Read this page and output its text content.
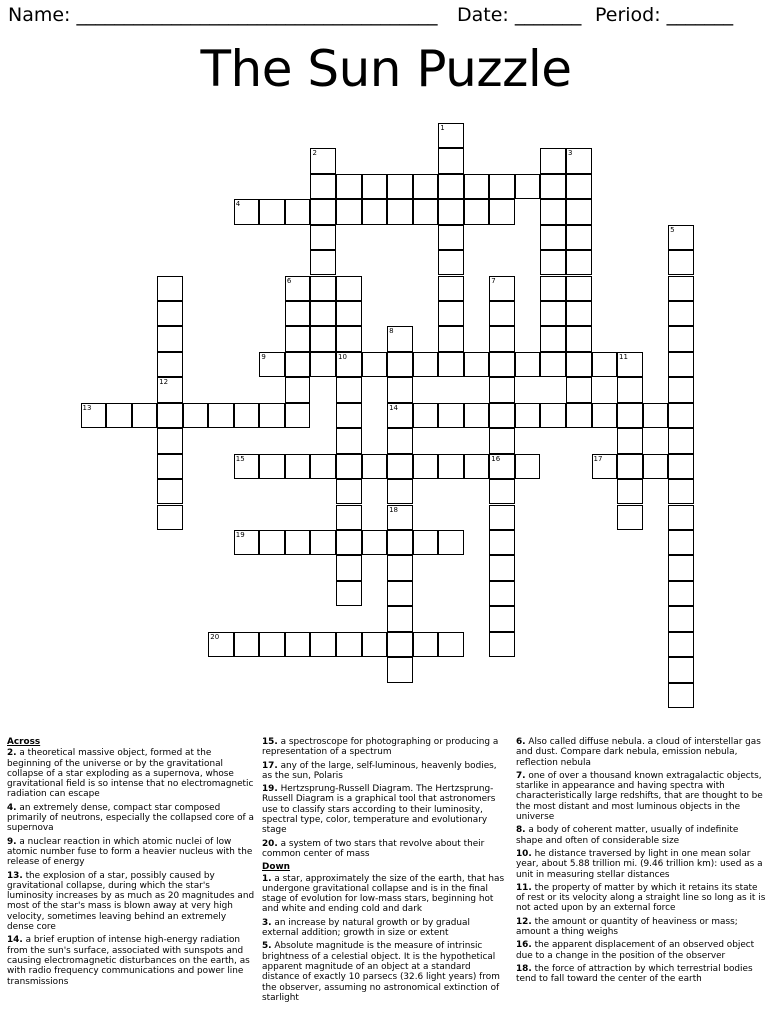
Name: ______________________________________ Date: _______ Period: _______
The Sun Puzzle
2
4
5
12
10
8
14
18
9	11
13
15	16	17
19
20
1
3
6	7
Across
2. a theoretical massive object, formed at the beginning of the universe or by the gravitational collapse of a star exploding as a supernova, whose gravitational field is so intense that no electromagnetic radiation can escape
4. an extremely dense, compact star composed primarily of neutrons, especially the collapsed core of a supernova
9. a nuclear reaction in which atomic nuclei of low atomic number fuse to form a heavier nucleus with the release of energy
13. the explosion of a star, possibly caused by gravitational collapse, during which the star's luminosity increases by as much as 20 magnitudes and most of the star's mass is blown away at very high velocity, sometimes leaving behind an extremely dense core
14. a brief eruption of intense high-energy radiation from the sun's surface, associated with sunspots and causing electromagnetic disturbances on the earth, as with radio frequency communications and power line transmissions
15. a spectroscope for photographing or producing a representation of a spectrum
17. any of the large, self-luminous, heavenly bodies, as the sun, Polaris
19. Hertzsprung-Russell Diagram. The Hertzsprung-Russell Diagram is a graphical tool that astronomers use to classify stars according to their luminosity, spectral type, color, temperature and evolutionary stage
20. a system of two stars that revolve about their common center of mass
Down
1. a star, approximately the size of the earth, that has undergone gravitational collapse and is in the final stage of evolution for low-mass stars, beginning hot and white and ending cold and dark
3. an increase by natural growth or by gradual external addition; growth in size or extent
5. Absolute magnitude is the measure of intrinsic brightness of a celestial object. It is the hypothetical apparent magnitude of an object at a standard distance of exactly 10 parsecs (32.6 light years) from the observer, assuming no astronomical extinction of starlight
6. Also called diffuse nebula. a cloud of interstellar gas and dust. Compare dark nebula, emission nebula, reflection nebula
7. one of over a thousand known extragalactic objects, starlike in appearance and having spectra with characteristically large redshifts, that are thought to be the most distant and most luminous objects in the universe
8. a body of coherent matter, usually of indefinite shape and often of considerable size
10. he distance traversed by light in one mean solar year, about 5.88 trillion mi. (9.46 trillion km): used as a unit in measuring stellar distances
11. the property of matter by which it retains its state of rest or its velocity along a straight line so long as it is not acted upon by an external force
12. the amount or quantity of heaviness or mass; amount a thing weighs
16. the apparent displacement of an observed object due to a change in the position of the observer
18. the force of attraction by which terrestrial bodies tend to fall toward the center of the earth
